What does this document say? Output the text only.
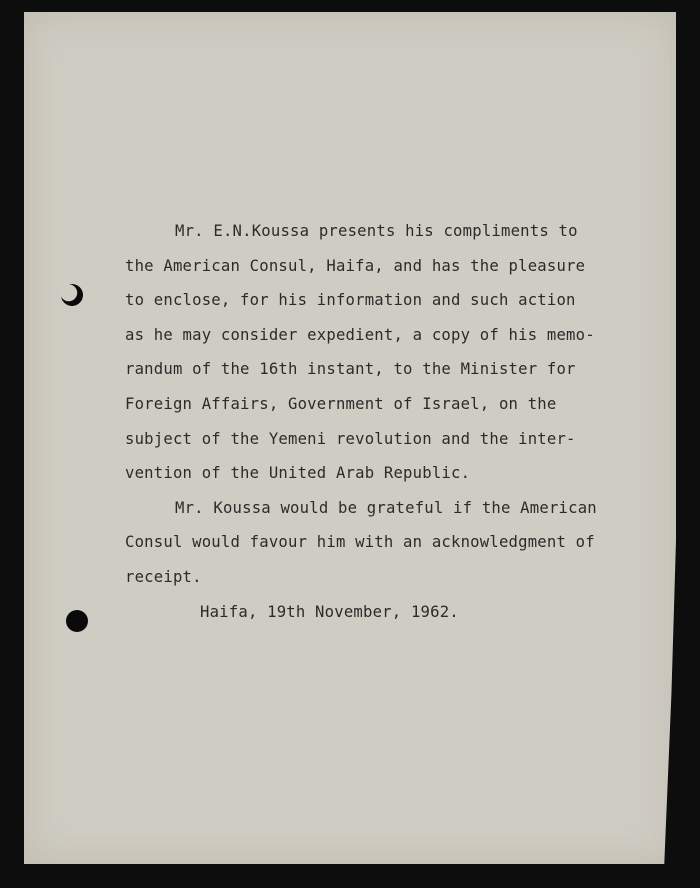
Mr. E.N.Koussa presents his compliments to

the American Consul, Haifa, and has the pleasure

to enclose, for his information and such action

as he may consider expedient, a copy of his memo-

randum of the 16th instant, to the Minister for

Foreign Affairs, Government of Israel, on the

subject of the Yemeni revolution and the inter-

vention of the United Arab Republic.

Mr. Koussa would be grateful if the American

Consul would favour him with an acknowledgment of

receipt.

Haifa, 19th November, 1962.
